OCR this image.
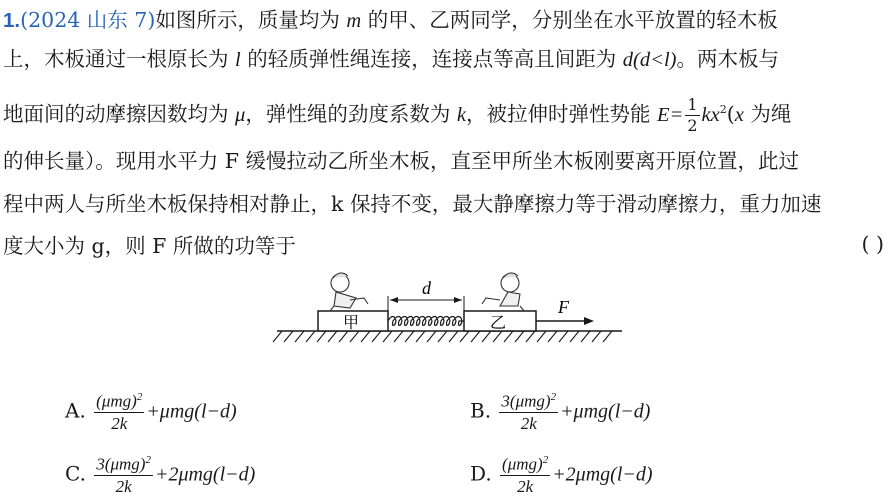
1.(2024 山东 7)如图所示，质量均为 m 的甲、乙两同学，分别坐在水平放置的轻木板
上，木板通过一根原长为 l 的轻质弹性绳连接，连接点等高且间距为 d(d<l)。两木板与
地面间的动摩擦因数均为 μ，弹性绳的劲度系数为 k，被拉伸时弹性势能 $E= \frac{1}{2} kx^2(x$ 为绳
的伸长量）。现用水平力 F 缓慢拉动乙所坐木板，直至甲所坐木板刚要离开原位置，此过
程中两人与所坐木板保持相对静止，k 保持不变，最大静摩擦力等于滑动摩擦力，重力加速
度大小为 g，则 F 所做的功等于	( )
甲	乙
d
F
A. $\frac{(\mu mg)^2}{2k} +\mu mg(l-d)$	B. $\frac{3(\mu mg)^2}{2k} +\mu mg(l-d)$
C. $\frac{3(\mu mg)^2}{2k} +2\mu mg(l-d)$	D. $\frac{(\mu mg)^2}{2k} +2\mu mg(l-d)$
